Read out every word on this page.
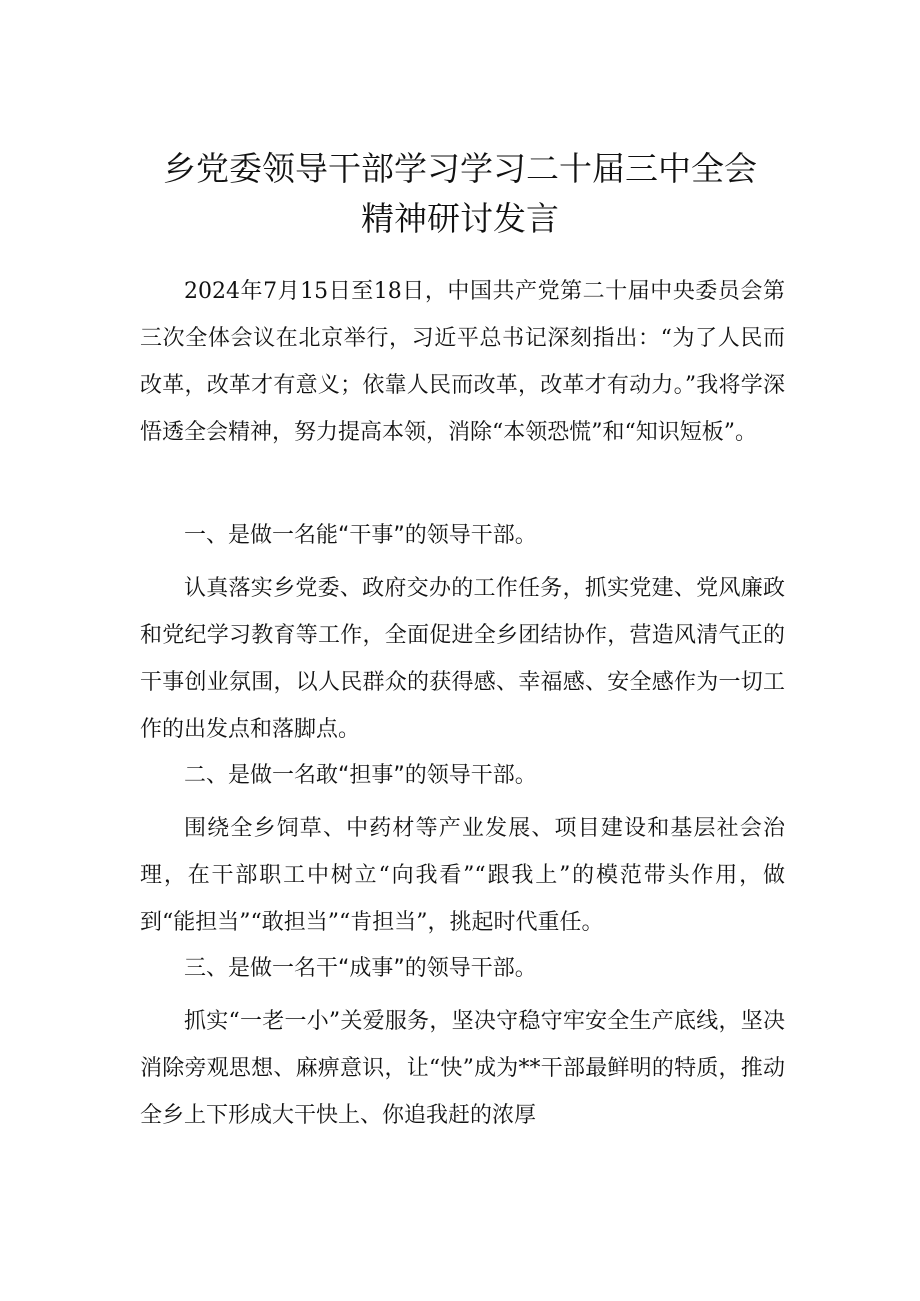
乡党委领导干部学习学习二十届三中全会
精神研讨发言

2024年7月15日至18日，中国共产党第二十届中央委员会第三次全体会议在北京举行，习近平总书记深刻指出：“为了人民而改革，改革才有意义；依靠人民而改革，改革才有动力。”我将学深悟透全会精神，努力提高本领，消除“本领恐慌”和“知识短板”。

一、是做一名能“干事”的领导干部。

认真落实乡党委、政府交办的工作任务，抓实党建、党风廉政和党纪学习教育等工作，全面促进全乡团结协作，营造风清气正的干事创业氛围，以人民群众的获得感、幸福感、安全感作为一切工作的出发点和落脚点。

二、是做一名敢“担事”的领导干部。

围绕全乡饲草、中药材等产业发展、项目建设和基层社会治理，在干部职工中树立“向我看”“跟我上”的模范带头作用，做到“能担当”“敢担当”“肯担当”，挑起时代重任。

三、是做一名干“成事”的领导干部。

抓实“一老一小”关爱服务，坚决守稳守牢安全生产底线，坚决消除旁观思想、麻痹意识，让“快”成为**干部最鲜明的特质，推动全乡上下形成大干快上、你追我赶的浓厚
